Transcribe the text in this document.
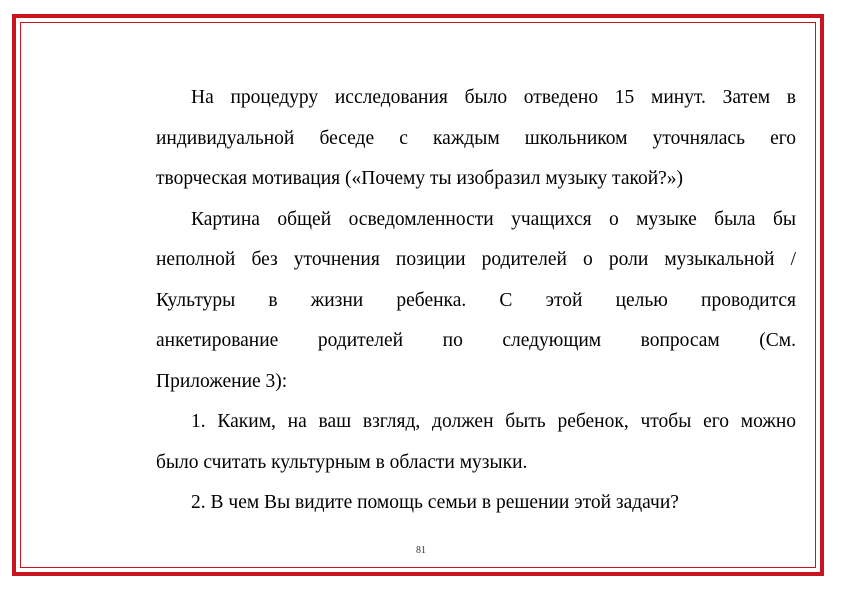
На процедуру исследования было отведено 15 минут. Затем в
индивидуальной беседе с каждым школьником уточнялась его
творческая мотивация («Почему ты изобразил музыку такой?»)

Картина общей осведомленности учащихся о музыке была бы
неполной без уточнения позиции родителей о роли музыкальной /
Культуры в жизни ребенка. С этой целью проводится
анкетирование родителей по следующим вопросам (См.
Приложение 3):

1. Каким, на ваш взгляд, должен быть ребенок, чтобы его можно
было считать культурным в области музыки.

2. В чем Вы видите помощь семьи в решении этой задачи?

81
